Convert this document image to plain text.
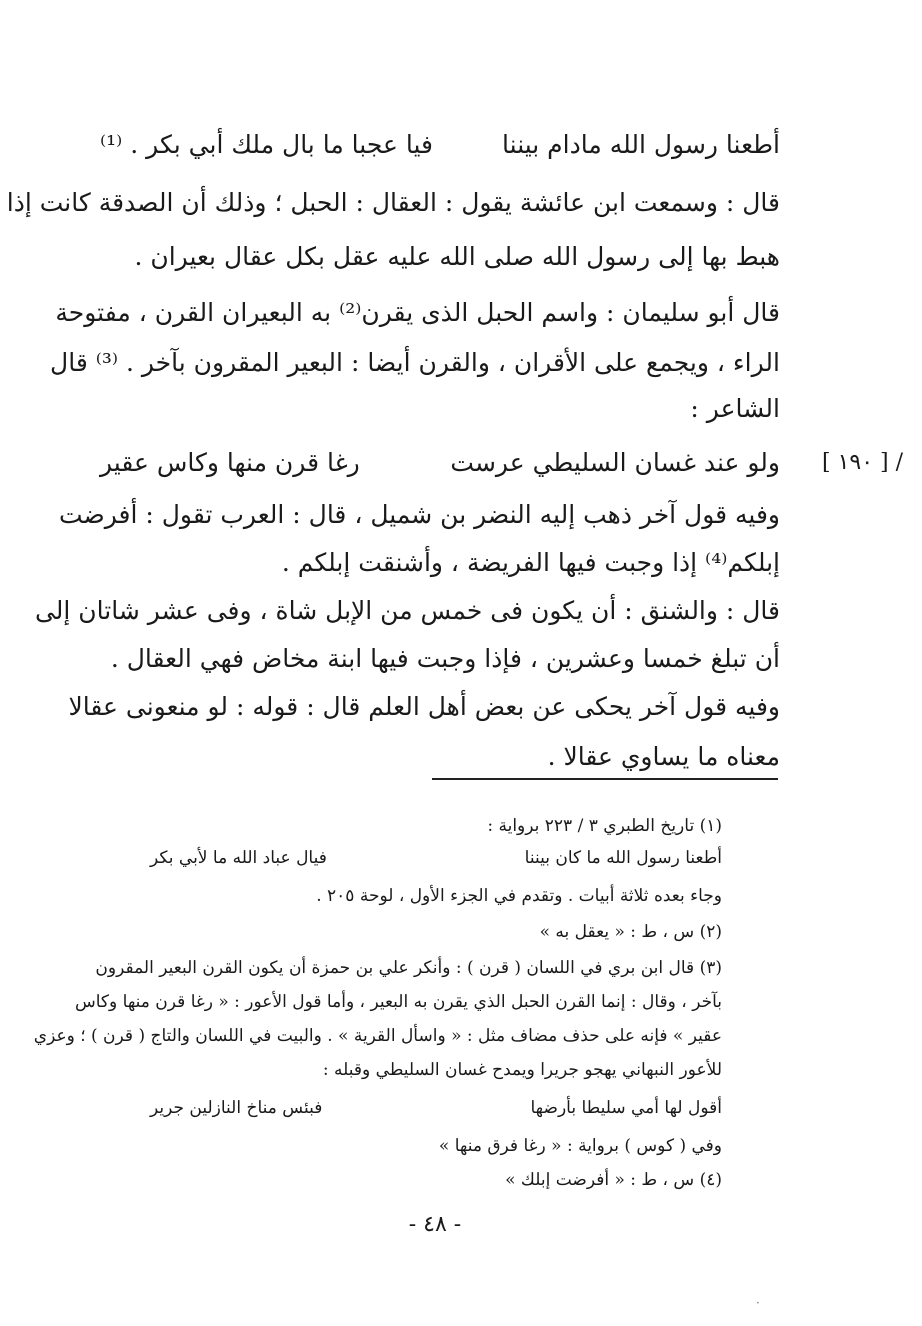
أطعنا رسول الله مادام بيننا
فيا عجبا ما بال ملك أبي بكر . ⁽¹⁾
قال : وسمعت ابن عائشة يقول : العقال : الحبل ؛ وذلك أن الصدقة كانت إذا
هبط بها إلى رسول الله صلى الله عليه عقل بكل عقال بعيران .
قال أبو سليمان : واسم الحبل الذى يقرن⁽²⁾ به البعيران القرن ، مفتوحة
الراء ، ويجمع على الأقران ، والقرن أيضا : البعير المقرون بآخر . ⁽³⁾ قال
الشاعر :
[ ١٩٠ ] /
ولو عند غسان السليطي عرست
رغا قرن منها وكاس عقير
وفيه قول آخر ذهب إليه النضر بن شميل ، قال : العرب تقول : أفرضت
إبلكم⁽⁴⁾ إذا وجبت فيها الفريضة ، وأشنقت إبلكم .
قال : والشنق : أن يكون فى خمس من الإبل شاة ، وفى عشر شاتان إلى
أن تبلغ خمسا وعشرين ، فإذا وجبت فيها ابنة مخاض فهي العقال .
وفيه قول آخر يحكى عن بعض أهل العلم قال : قوله : لو منعونى عقالا
معناه ما يساوي عقالا .
(١) تاريخ الطبري ٣ / ٢٢٣ برواية :
أطعنا رسول الله ما كان بيننا
فيال عباد الله ما لأبي بكر
وجاء بعده ثلاثة أبيات . وتقدم في الجزء الأول ، لوحة ٢٠٥ .
(٢) س ، ط : « يعقل به »
(٣) قال ابن بري في اللسان ( قرن ) : وأنكر علي بن حمزة أن يكون القرن البعير المقرون
بآخر ، وقال : إنما القرن الحبل الذي يقرن به البعير ، وأما قول الأعور : « رغا قرن منها وكاس
عقير » فإنه على حذف مضاف مثل : « واسأل القرية » . والبيت في اللسان والتاج ( قرن ) ؛ وعزي
للأعور النبهاني يهجو جريرا ويمدح غسان السليطي وقبله :
أقول لها أمي سليطا بأرضها
فبئس مناخ النازلين جرير
وفي ( كوس ) برواية : « رغا فرق منها »
(٤) س ، ط : « أفرضت إبلك »
- ٤٨ -
·
